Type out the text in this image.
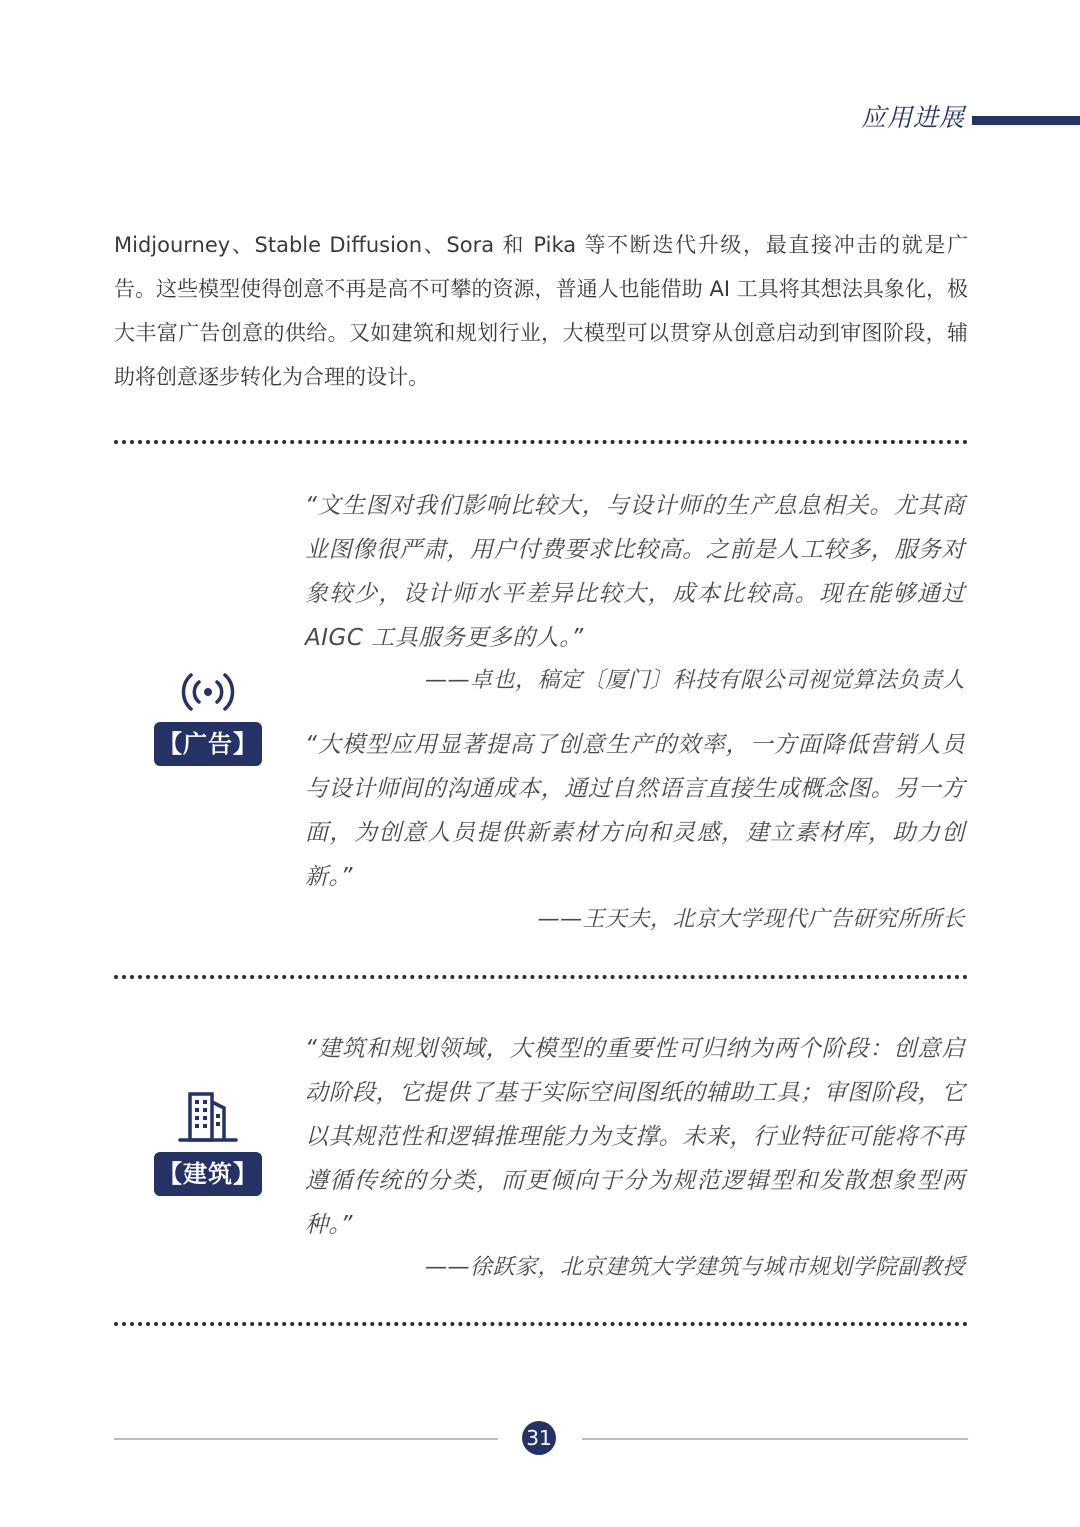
应用进展

Midjourney、Stable Diffusion、Sora 和 Pika 等不断迭代升级，最直接冲击的就是广告。这些模型使得创意不再是高不可攀的资源，普通人也能借助 AI 工具将其想法具象化，极大丰富广告创意的供给。又如建筑和规划行业，大模型可以贯穿从创意启动到审图阶段，辅助将创意逐步转化为合理的设计。

【广告】

“文生图对我们影响比较大，与设计师的生产息息相关。尤其商业图像很严肃，用户付费要求比较高。之前是人工较多，服务对象较少，设计师水平差异比较大，成本比较高。现在能够通过 AIGC 工具服务更多的人。”

——卓也，稿定〔厦门〕科技有限公司视觉算法负责人

“大模型应用显著提高了创意生产的效率，一方面降低营销人员与设计师间的沟通成本，通过自然语言直接生成概念图。另一方面，为创意人员提供新素材方向和灵感，建立素材库，助力创新。”

——王天夫，北京大学现代广告研究所所长

【建筑】

“建筑和规划领域，大模型的重要性可归纳为两个阶段：创意启动阶段，它提供了基于实际空间图纸的辅助工具；审图阶段，它以其规范性和逻辑推理能力为支撑。未来，行业特征可能将不再遵循传统的分类，而更倾向于分为规范逻辑型和发散想象型两种。”

——徐跃家，北京建筑大学建筑与城市规划学院副教授

31
